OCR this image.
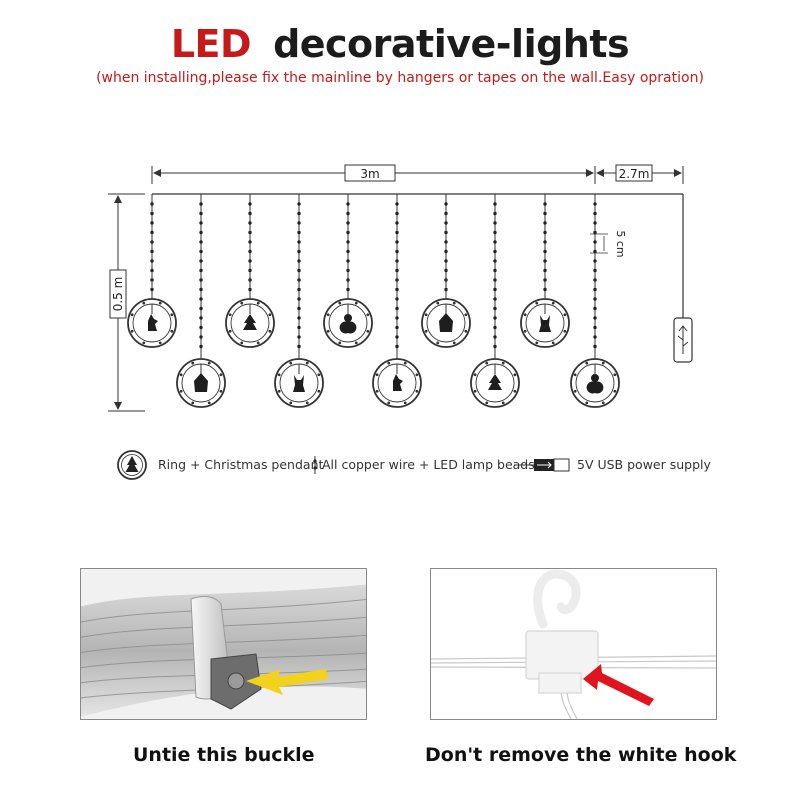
LED decorative-lights
(when installing,please fix the mainline by hangers or tapes on the wall.Easy opration)
3m	2.7m
0.5 m
5 cm
Ring + Christmas pendant
All copper wire + LED lamp beads	5V USB power supply
Untie this buckle	Don't remove the white hook
